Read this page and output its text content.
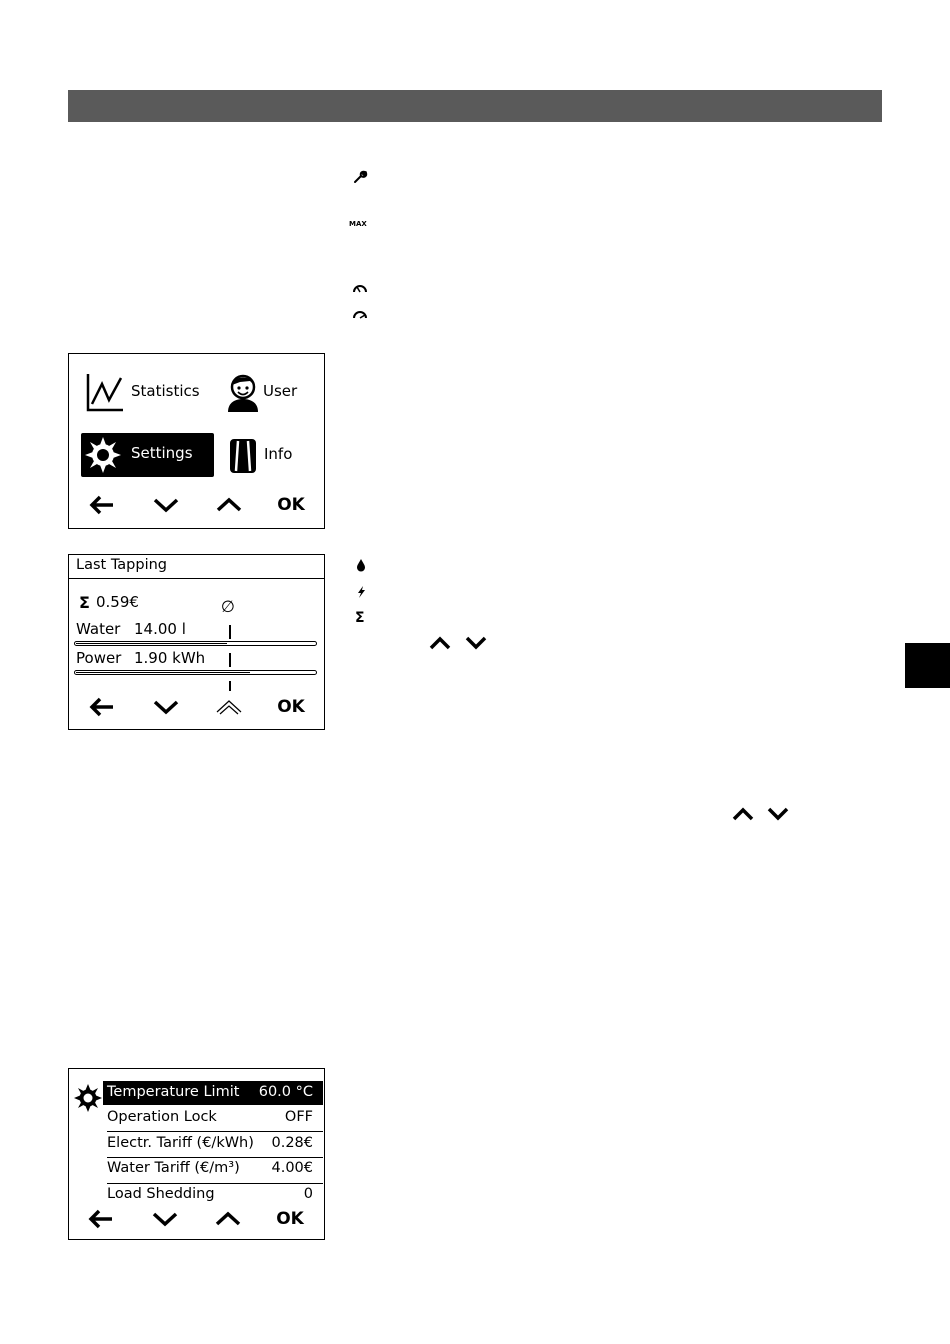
MAX
Statistics	User
Settings	Info
OK
Last Tapping
Σ 0.59€	∅
Water 14.00 l
Power 1.90 kWh
OK
Σ
Temperature Limit 60.0 °C
Operation Lock	OFF
Electr. Tariff (€/kWh) 0.28€
Water Tariff (€/m³) 4.00€
Load Shedding	0
OK
